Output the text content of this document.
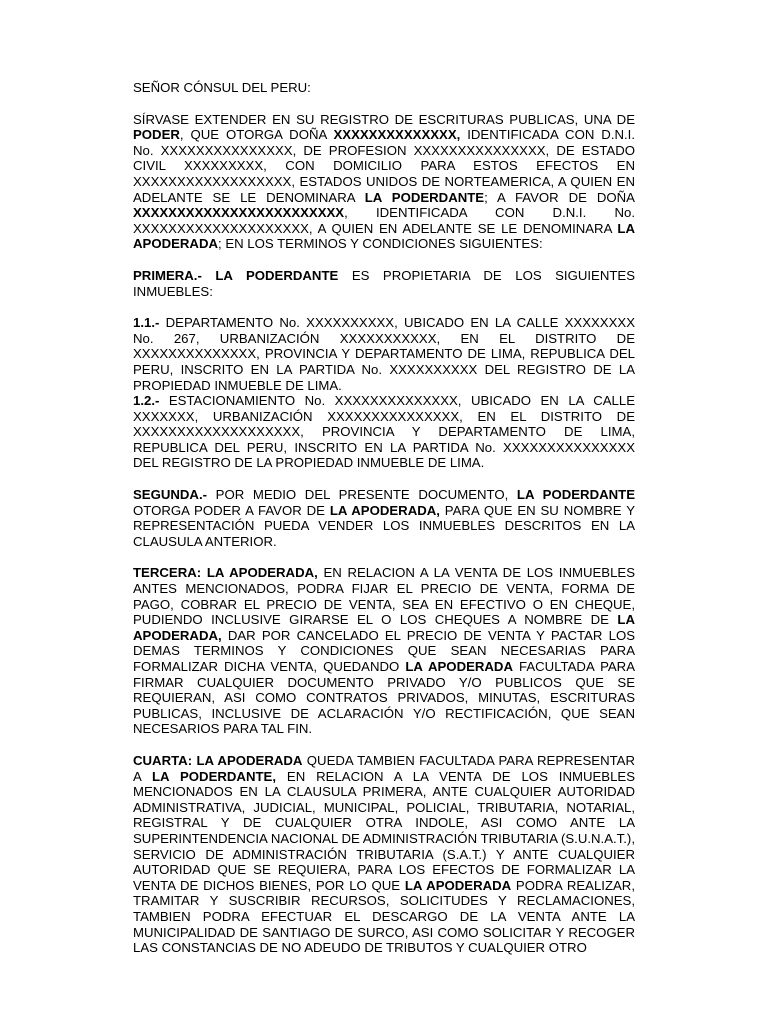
SEÑOR CÓNSUL DEL PERU:

SÍRVASE EXTENDER EN SU REGISTRO DE ESCRITURAS PUBLICAS, UNA DE PODER, QUE OTORGA DOÑA XXXXXXXXXXXXXX, IDENTIFICADA CON D.N.I. No. XXXXXXXXXXXXXXX, DE PROFESION XXXXXXXXXXXXXXX, DE ESTADO CIVIL XXXXXXXXX, CON DOMICILIO PARA ESTOS EFECTOS EN XXXXXXXXXXXXXXXXXX, ESTADOS UNIDOS DE NORTEAMERICA, A QUIEN EN ADELANTE SE LE DENOMINARA LA PODERDANTE; A FAVOR DE DOÑA XXXXXXXXXXXXXXXXXXXXXXXX, IDENTIFICADA CON D.N.I. No. XXXXXXXXXXXXXXXXXXXX, A QUIEN EN ADELANTE SE LE DENOMINARA LA APODERADA; EN LOS TERMINOS Y CONDICIONES SIGUIENTES:

PRIMERA.- LA PODERDANTE ES PROPIETARIA DE LOS SIGUIENTES INMUEBLES:

1.1.- DEPARTAMENTO No. XXXXXXXXXX, UBICADO EN LA CALLE XXXXXXXX No. 267, URBANIZACIÓN XXXXXXXXXXX, EN EL DISTRITO DE XXXXXXXXXXXXXX, PROVINCIA Y DEPARTAMENTO DE LIMA, REPUBLICA DEL PERU, INSCRITO EN LA PARTIDA No. XXXXXXXXXX DEL REGISTRO DE LA PROPIEDAD INMUEBLE DE LIMA.

1.2.- ESTACIONAMIENTO No. XXXXXXXXXXXXXX, UBICADO EN LA CALLE XXXXXXX, URBANIZACIÓN XXXXXXXXXXXXXXX, EN EL DISTRITO DE XXXXXXXXXXXXXXXXXXX, PROVINCIA Y DEPARTAMENTO DE LIMA, REPUBLICA DEL PERU, INSCRITO EN LA PARTIDA No. XXXXXXXXXXXXXXX DEL REGISTRO DE LA PROPIEDAD INMUEBLE DE LIMA.

SEGUNDA.- POR MEDIO DEL PRESENTE DOCUMENTO, LA PODERDANTE OTORGA PODER A FAVOR DE LA APODERADA, PARA QUE EN SU NOMBRE Y REPRESENTACIÓN PUEDA VENDER LOS INMUEBLES DESCRITOS EN LA CLAUSULA ANTERIOR.

TERCERA: LA APODERADA, EN RELACION A LA VENTA DE LOS INMUEBLES ANTES MENCIONADOS, PODRA FIJAR EL PRECIO DE VENTA, FORMA DE PAGO, COBRAR EL PRECIO DE VENTA, SEA EN EFECTIVO O EN CHEQUE, PUDIENDO INCLUSIVE GIRARSE EL O LOS CHEQUES A NOMBRE DE LA APODERADA, DAR POR CANCELADO EL PRECIO DE VENTA Y PACTAR LOS DEMAS TERMINOS Y CONDICIONES QUE SEAN NECESARIAS PARA FORMALIZAR DICHA VENTA, QUEDANDO LA APODERADA FACULTADA PARA FIRMAR CUALQUIER DOCUMENTO PRIVADO Y/O PUBLICOS QUE SE REQUIERAN, ASI COMO CONTRATOS PRIVADOS, MINUTAS, ESCRITURAS PUBLICAS, INCLUSIVE DE ACLARACIÓN Y/O RECTIFICACIÓN, QUE SEAN NECESARIOS PARA TAL FIN.

CUARTA: LA APODERADA QUEDA TAMBIEN FACULTADA PARA REPRESENTAR A LA PODERDANTE, EN RELACION A LA VENTA DE LOS INMUEBLES MENCIONADOS EN LA CLAUSULA PRIMERA, ANTE CUALQUIER AUTORIDAD ADMINISTRATIVA, JUDICIAL, MUNICIPAL, POLICIAL, TRIBUTARIA, NOTARIAL, REGISTRAL Y DE CUALQUIER OTRA INDOLE, ASI COMO ANTE LA SUPERINTENDENCIA NACIONAL DE ADMINISTRACIÓN TRIBUTARIA (S.U.N.A.T.), SERVICIO DE ADMINISTRACIÓN TRIBUTARIA (S.A.T.) Y ANTE CUALQUIER AUTORIDAD QUE SE REQUIERA, PARA LOS EFECTOS DE FORMALIZAR LA VENTA DE DICHOS BIENES, POR LO QUE LA APODERADA PODRA REALIZAR, TRAMITAR Y SUSCRIBIR RECURSOS, SOLICITUDES Y RECLAMACIONES, TAMBIEN PODRA EFECTUAR EL DESCARGO DE LA VENTA ANTE LA MUNICIPALIDAD DE SANTIAGO DE SURCO, ASI COMO SOLICITAR Y RECOGER LAS CONSTANCIAS DE NO ADEUDO DE TRIBUTOS Y CUALQUIER OTRO
